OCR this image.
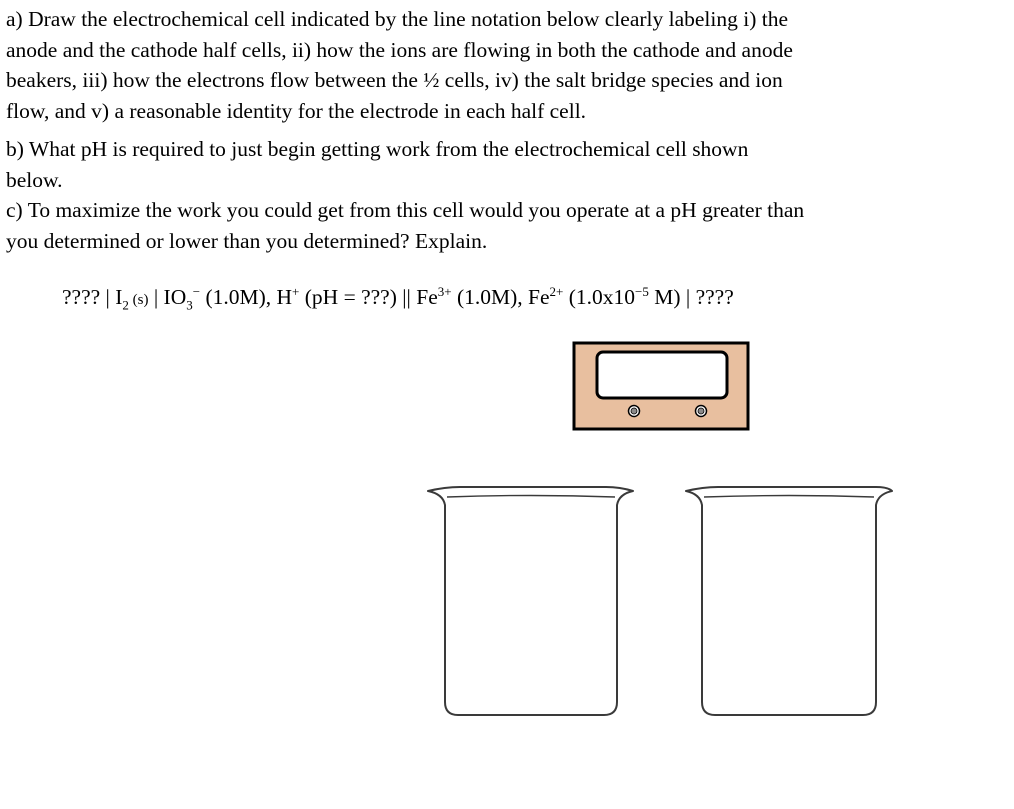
a) Draw the electrochemical cell indicated by the line notation below clearly labeling i) the

anode and the cathode half cells, ii) how the ions are flowing in both the cathode and anode

beakers, iii) how the electrons flow between the ½ cells, iv) the salt bridge species and ion

flow, and v) a reasonable identity for the electrode in each half cell.

b) What pH is required to just begin getting work from the electrochemical cell shown

below.

c) To maximize the work you could get from this cell would you operate at a pH greater than

you determined or lower than you determined? Explain.

???? | $I_2$ (s) | $IO_3^-$ (1.0M), H+ (pH = ???) || $Fe^{3+}$ (1.0M), $Fe^{2+}$ ($1.0x10^{-5}$ M) | ????
